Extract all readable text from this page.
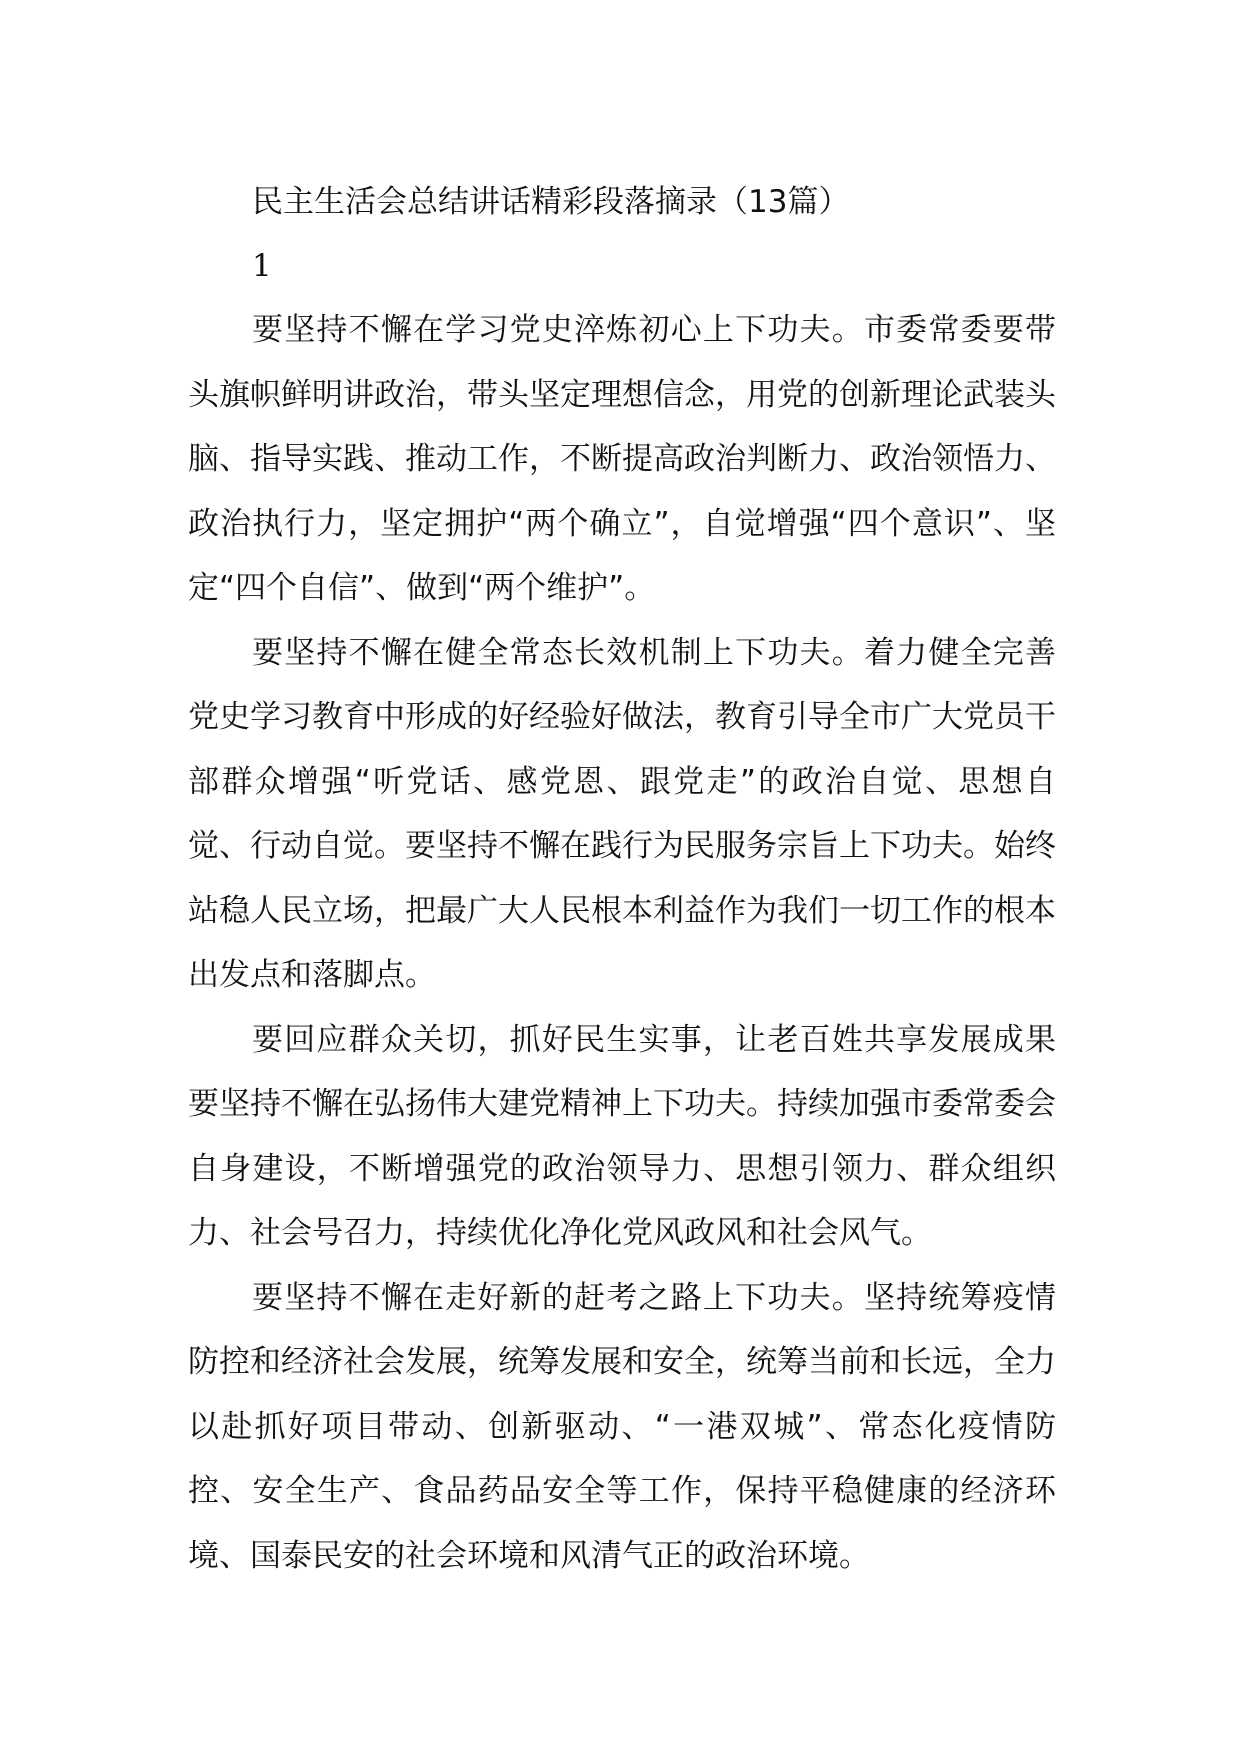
民主生活会总结讲话精彩段落摘录（13篇）

1

要坚持不懈在学习党史淬炼初心上下功夫。市委常委要带头旗帜鲜明讲政治，带头坚定理想信念，用党的创新理论武装头脑、指导实践、推动工作，不断提高政治判断力、政治领悟力、政治执行力，坚定拥护“两个确立”，自觉增强“四个意识”、坚定“四个自信”、做到“两个维护”。

要坚持不懈在健全常态长效机制上下功夫。着力健全完善党史学习教育中形成的好经验好做法，教育引导全市广大党员干部群众增强“听党话、感党恩、跟党走”的政治自觉、思想自觉、行动自觉。要坚持不懈在践行为民服务宗旨上下功夫。始终站稳人民立场，把最广大人民根本利益作为我们一切工作的根本出发点和落脚点。

要回应群众关切，抓好民生实事，让老百姓共享发展成果要坚持不懈在弘扬伟大建党精神上下功夫。持续加强市委常委会自身建设，不断增强党的政治领导力、思想引领力、群众组织力、社会号召力，持续优化净化党风政风和社会风气。

要坚持不懈在走好新的赶考之路上下功夫。坚持统筹疫情防控和经济社会发展，统筹发展和安全，统筹当前和长远，全力以赴抓好项目带动、创新驱动、“一港双城”、常态化疫情防控、安全生产、食品药品安全等工作，保持平稳健康的经济环境、国泰民安的社会环境和风清气正的政治环境。
